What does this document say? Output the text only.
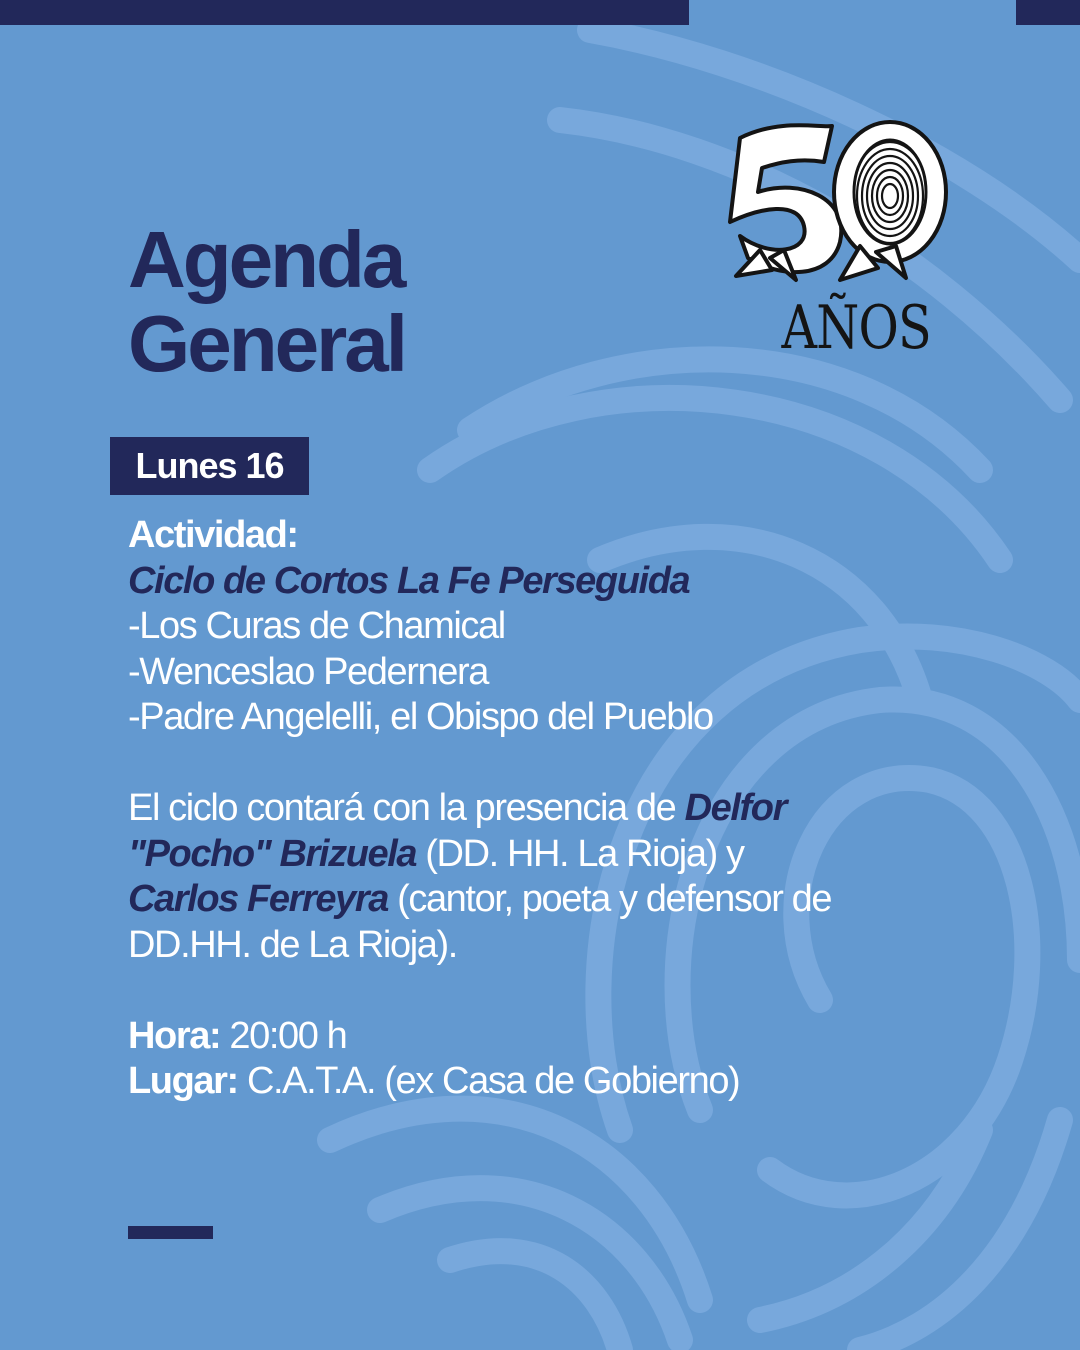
Agenda
General	AÑOS
Lunes 16

Actividad:

Ciclo de Cortos La Fe Perseguida

-Los Curas de Chamical

-Wenceslao Pedernera

-Padre Angelelli, el Obispo del Pueblo

El ciclo contará con la presencia de Delfor "Pocho" Brizuela (DD. HH. La Rioja) y Carlos Ferreyra (cantor, poeta y defensor de DD.HH. de La Rioja).

Hora: 20:00 h

Lugar: C.A.T.A. (ex Casa de Gobierno)
